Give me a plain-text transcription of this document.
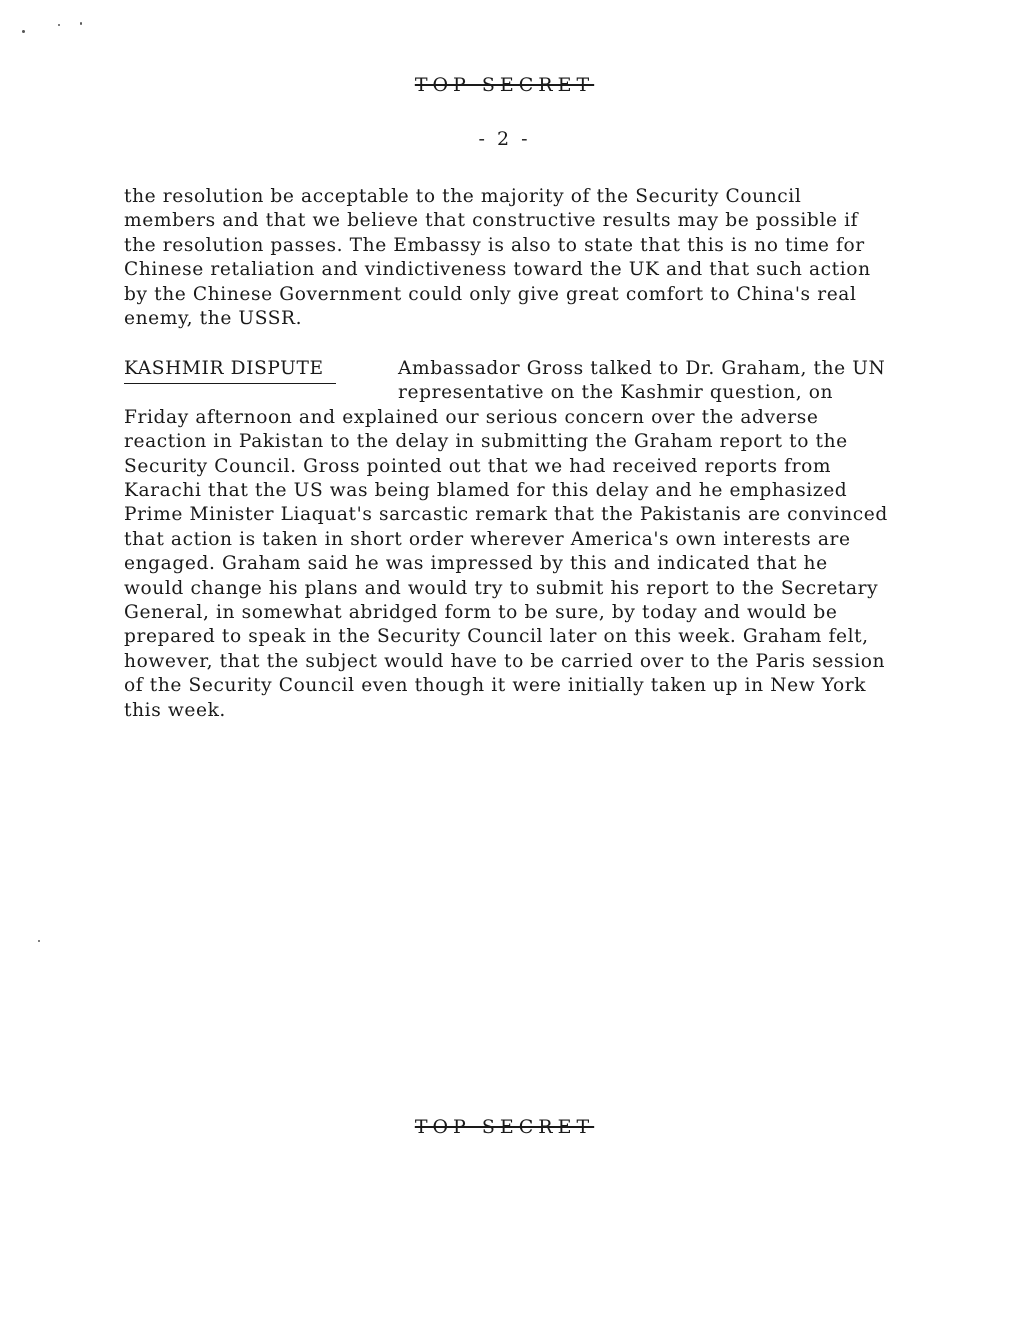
TOP SECRET
- 2 -

the resolution be acceptable to the majority of the Security Council members and that we believe that constructive results may be possible if the resolution passes. The Embassy is also to state that this is no time for Chinese retaliation and vindictiveness toward the UK and that such action by the Chinese Government could only give great comfort to China's real enemy, the USSR.

KASHMIR DISPUTE	Ambassador Gross talked to Dr. Graham, the UN representative on the Kashmir question, on Friday afternoon and explained our serious concern over the adverse reaction in Pakistan to the delay in submitting the Graham report to the Security Council. Gross pointed out that we had received reports from Karachi that the US was being blamed for this delay and he emphasized Prime Minister Liaquat's sarcastic remark that the Pakistanis are convinced that action is taken in short order wherever America's own interests are engaged. Graham said he was impressed by this and indicated that he would change his plans and would try to submit his report to the Secretary General, in somewhat abridged form to be sure, by today and would be prepared to speak in the Security Council later on this week. Graham felt, however, that the subject would have to be carried over to the Paris session of the Security Council even though it were initially taken up in New York this week.
TOP SECRET
